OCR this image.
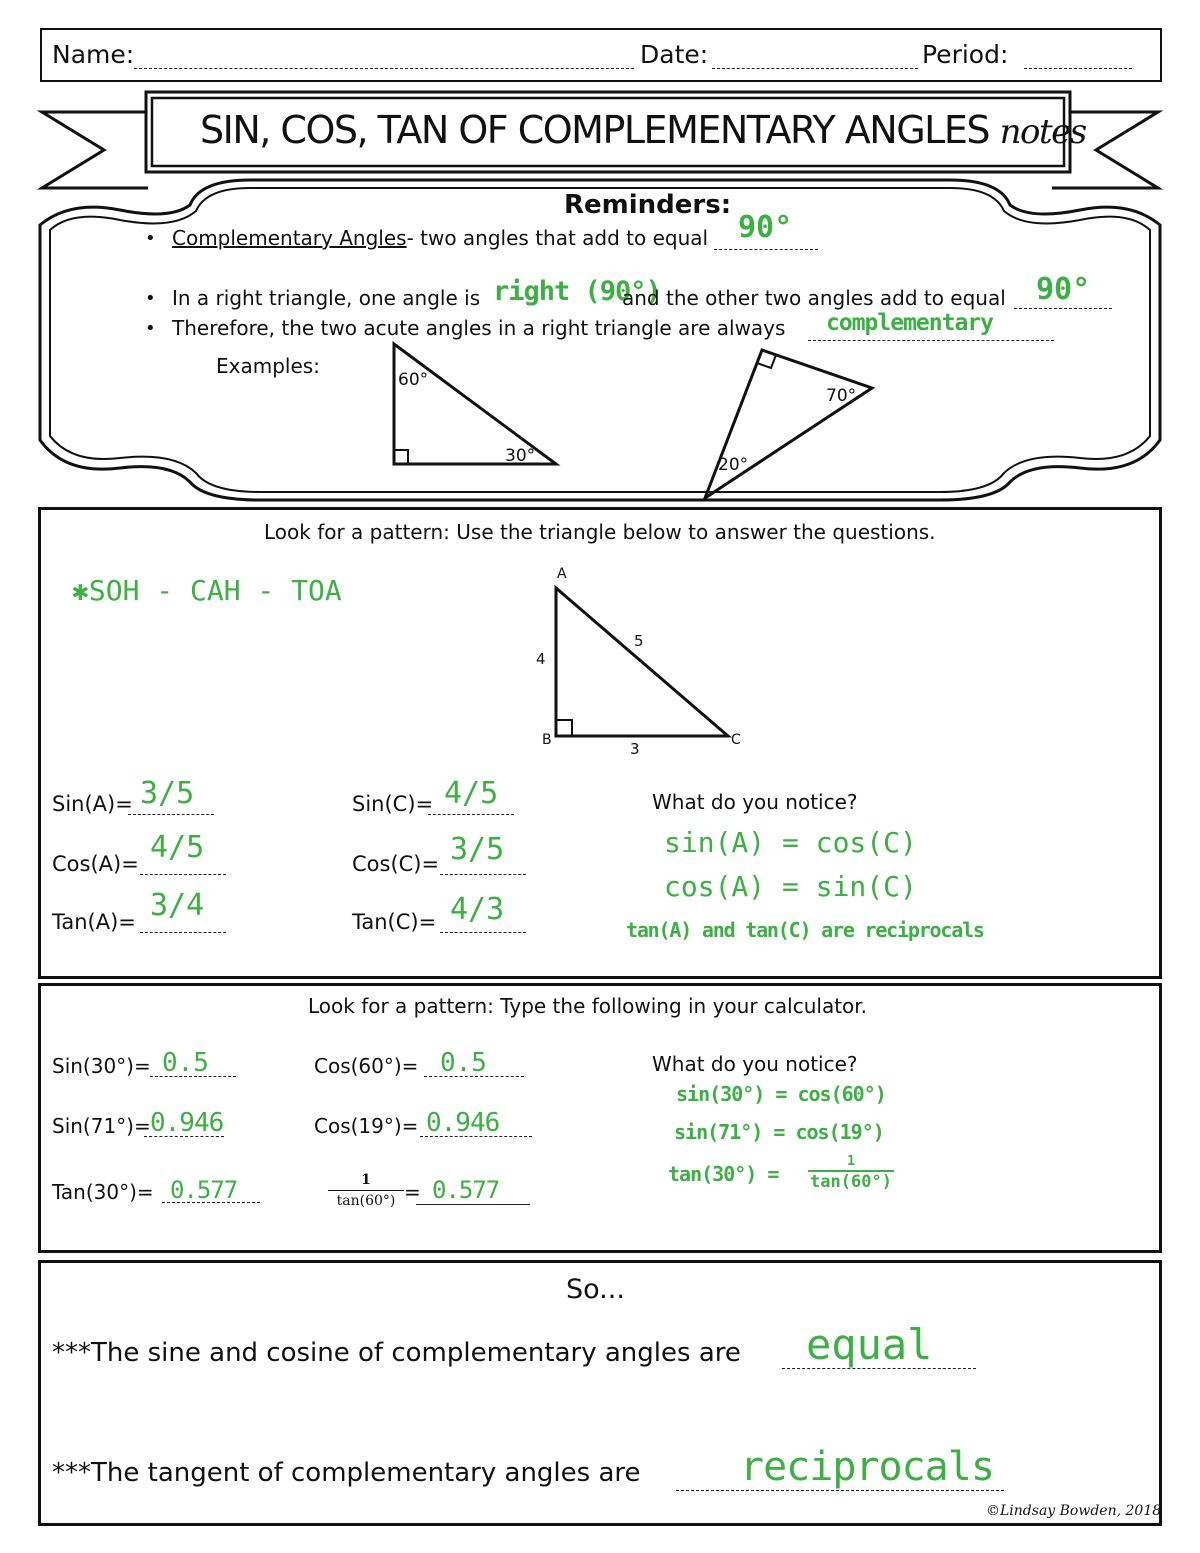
Name:	Date:	Period:
SIN, COS, TAN OF COMPLEMENTARY ANGLES notes
Reminders:
• Complementary Angles- two angles that add to equal 90°
• In a right triangle, one angle is right (90°)
and the other two angles add to equal 90°
• Therefore, the two acute angles in a right triangle are always complementary
Examples:
60°
30°
70°
20°
Look for a pattern: Use the triangle below to answer the questions.
✱SOH - CAH - TOA	A
B	C
4
5
3
Sin(A)= 3/5	Sin(C)= 4/5
Cos(A)= 4/5	Cos(C)= 3/5
Tan(A)= 3/4	Tan(C)= 4/3
What do you notice?
sin(A) = cos(C)
cos(A) = sin(C)
tan(A) and tan(C) are reciprocals
Look for a pattern: Type the following in your calculator.
Sin(30°)= 0.5	Cos(60°)= 0.5
Sin(71°)= 0.946	Cos(19°)= 0.946
Tan(30°)= 0.577	$\frac{1}{\tan(60^\circ)} = 0.577$
What do you notice?
sin(30°) = cos(60°)
sin(71°) = cos(19°)
tan(30°) =
1
tan(60°)
So...
***The sine and cosine of complementary angles are equal
***The tangent of complementary angles are reciprocals
©Lindsay Bowden, 2018
